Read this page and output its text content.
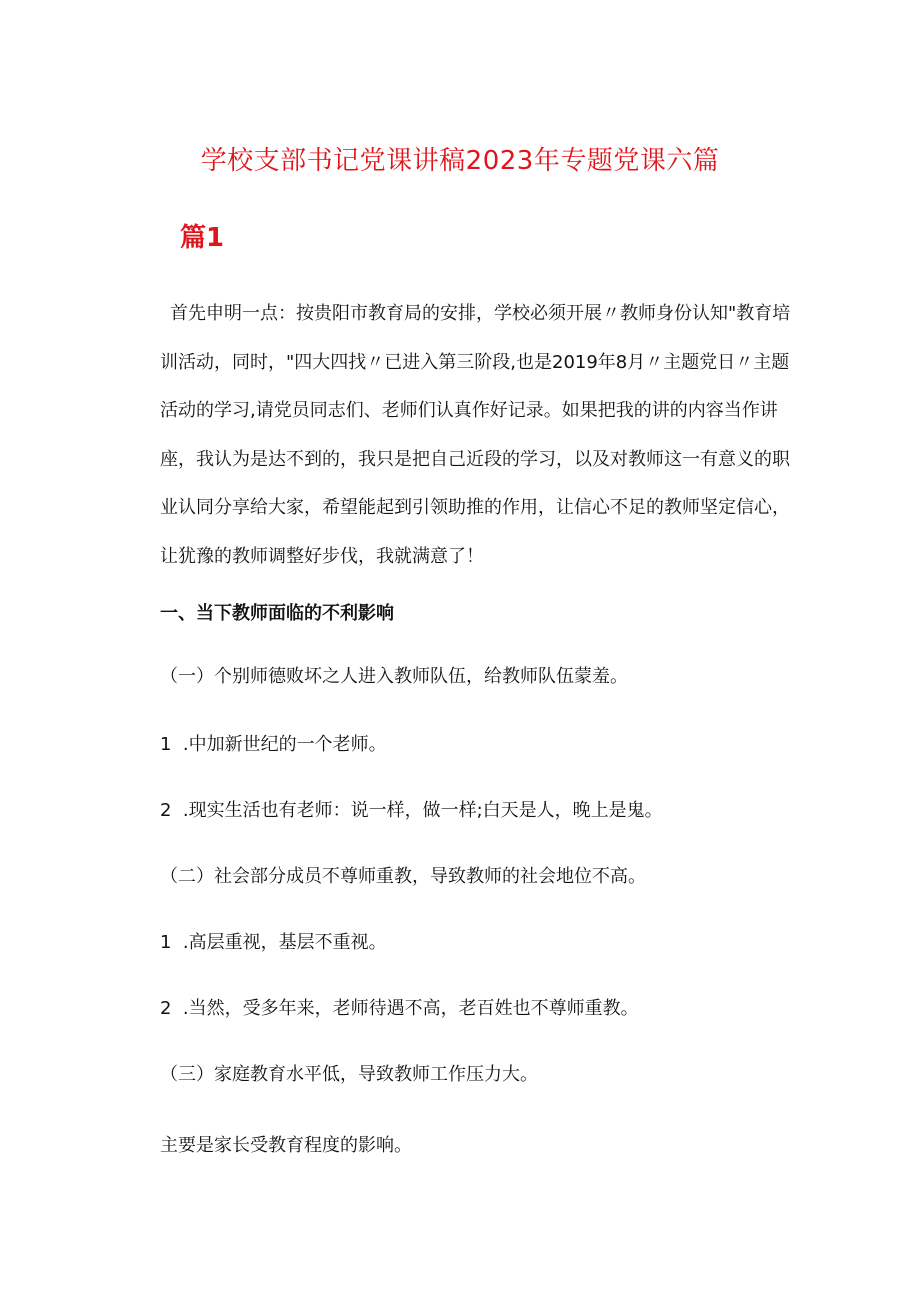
学校支部书记党课讲稿2023年专题党课六篇
篇1

首先申明一点：按贵阳市教育局的安排，学校必须开展〃教师身份认知"教育培训活动，同时，"四大四找〃已进入第三阶段,也是2019年8月〃主题党日〃主题活动的学习,请党员同志们、老师们认真作好记录。如果把我的讲的内容当作讲座，我认为是达不到的，我只是把自己近段的学习，以及对教师这一有意义的职业认同分享给大家，希望能起到引领助推的作用，让信心不足的教师坚定信心，让犹豫的教师调整好步伐，我就满意了！

一、当下教师面临的不利影响
（一）个别师德败坏之人进入教师队伍，给教师队伍蒙羞。
1  .中加新世纪的一个老师。
2  .现实生活也有老师：说一样，做一样;白天是人，晚上是鬼。
（二）社会部分成员不尊师重教，导致教师的社会地位不高。
1  .高层重视，基层不重视。
2  .当然，受多年来，老师待遇不高，老百姓也不尊师重教。
（三）家庭教育水平低，导致教师工作压力大。
主要是家长受教育程度的影响。
